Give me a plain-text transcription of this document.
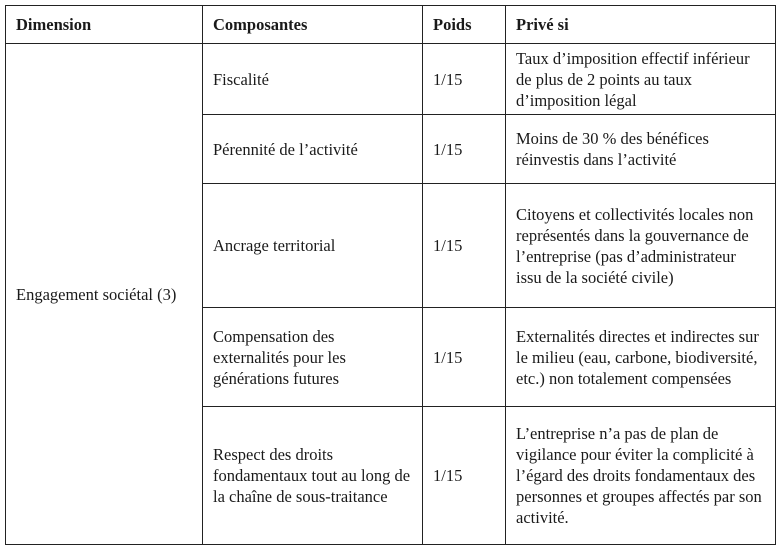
Dimension	Composantes	Poids	Privé si
Engagement sociétal (3)	Fiscalité	1/15	Taux d’imposition effectif inférieur de plus de 2 points au taux d’imposition légal
	Pérennité de l’activité	1/15	Moins de 30 % des bénéfices réinvestis dans l’activité
	Ancrage territorial	1/15	Citoyens et collectivités locales non représentés dans la gouvernance de l’entreprise (pas d’administrateur issu de la société civile)
	Compensation des externalités pour les générations futures	1/15	Externalités directes et indirectes sur le milieu (eau, carbone, biodiversité, etc.) non totalement compensées
	Respect des droits fondamentaux tout au long de la chaîne de sous-traitance	1/15	L’entreprise n’a pas de plan de vigilance pour éviter la complicité à l’égard des droits fondamentaux des personnes et groupes affectés par son activité.
